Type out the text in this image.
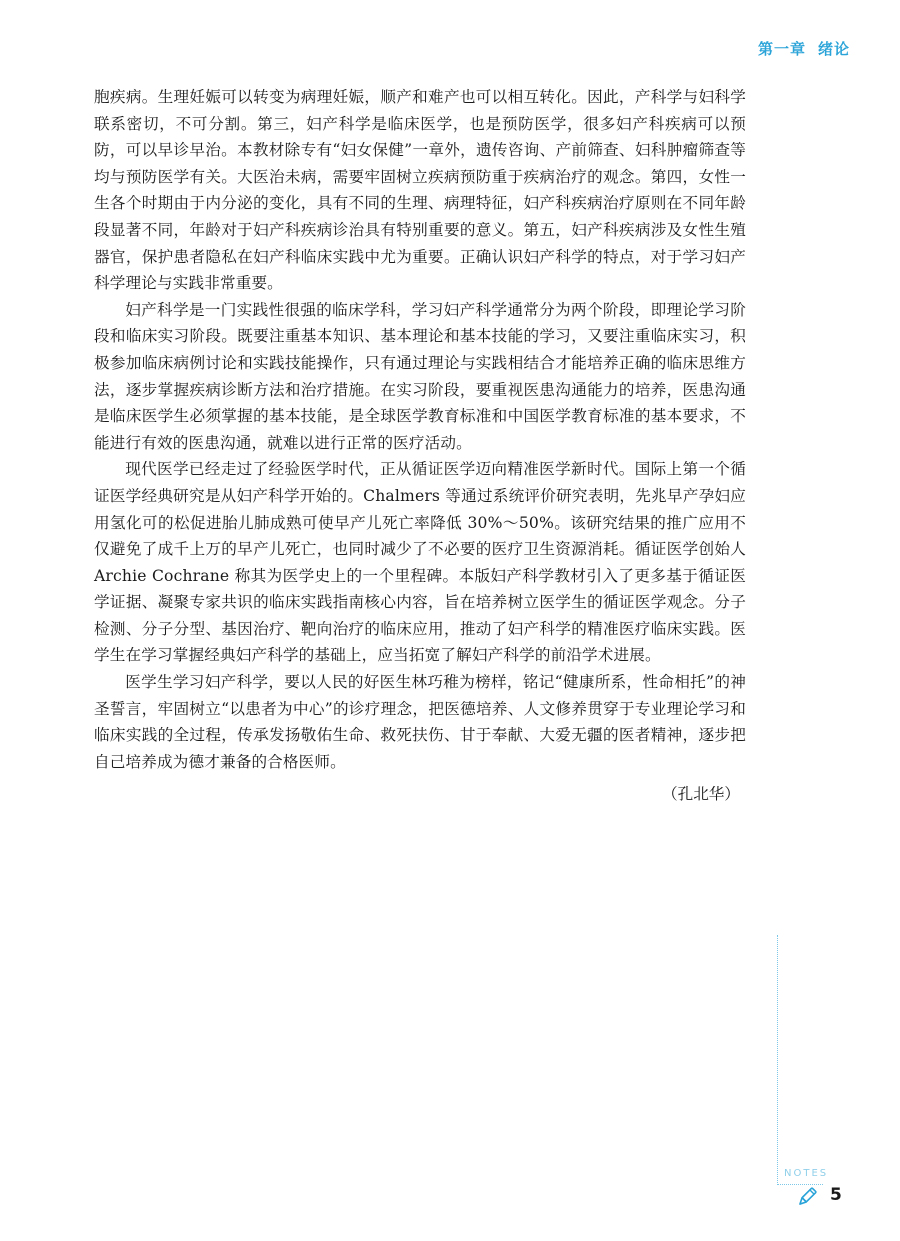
第一章 绪论

胞疾病。生理妊娠可以转变为病理妊娠，顺产和难产也可以相互转化。因此，产科学与妇科学联系密切，不可分割。第三，妇产科学是临床医学，也是预防医学，很多妇产科疾病可以预防，可以早诊早治。本教材除专有“妇女保健”一章外，遗传咨询、产前筛查、妇科肿瘤筛查等均与预防医学有关。大医治未病，需要牢固树立疾病预防重于疾病治疗的观念。第四，女性一生各个时期由于内分泌的变化，具有不同的生理、病理特征，妇产科疾病治疗原则在不同年龄段显著不同，年龄对于妇产科疾病诊治具有特别重要的意义。第五，妇产科疾病涉及女性生殖器官，保护患者隐私在妇产科临床实践中尤为重要。正确认识妇产科学的特点，对于学习妇产科学理论与实践非常重要。

妇产科学是一门实践性很强的临床学科，学习妇产科学通常分为两个阶段，即理论学习阶段和临床实习阶段。既要注重基本知识、基本理论和基本技能的学习，又要注重临床实习，积极参加临床病例讨论和实践技能操作，只有通过理论与实践相结合才能培养正确的临床思维方法，逐步掌握疾病诊断方法和治疗措施。在实习阶段，要重视医患沟通能力的培养，医患沟通是临床医学生必须掌握的基本技能，是全球医学教育标准和中国医学教育标准的基本要求，不能进行有效的医患沟通，就难以进行正常的医疗活动。

现代医学已经走过了经验医学时代，正从循证医学迈向精准医学新时代。国际上第一个循证医学经典研究是从妇产科学开始的。Chalmers 等通过系统评价研究表明，先兆早产孕妇应用氢化可的松促进胎儿肺成熟可使早产儿死亡率降低 30%～50%。该研究结果的推广应用不仅避免了成千上万的早产儿死亡，也同时减少了不必要的医疗卫生资源消耗。循证医学创始人 Archie Cochrane 称其为医学史上的一个里程碑。本版妇产科学教材引入了更多基于循证医学证据、凝聚专家共识的临床实践指南核心内容，旨在培养树立医学生的循证医学观念。分子检测、分子分型、基因治疗、靶向治疗的临床应用，推动了妇产科学的精准医疗临床实践。医学生在学习掌握经典妇产科学的基础上，应当拓宽了解妇产科学的前沿学术进展。

医学生学习妇产科学，要以人民的好医生林巧稚为榜样，铭记“健康所系，性命相托”的神圣誓言，牢固树立“以患者为中心”的诊疗理念，把医德培养、人文修养贯穿于专业理论学习和临床实践的全过程，传承发扬敬佑生命、救死扶伤、甘于奉献、大爱无疆的医者精神，逐步把自己培养成为德才兼备的合格医师。

（孔北华）
NOTES
5
